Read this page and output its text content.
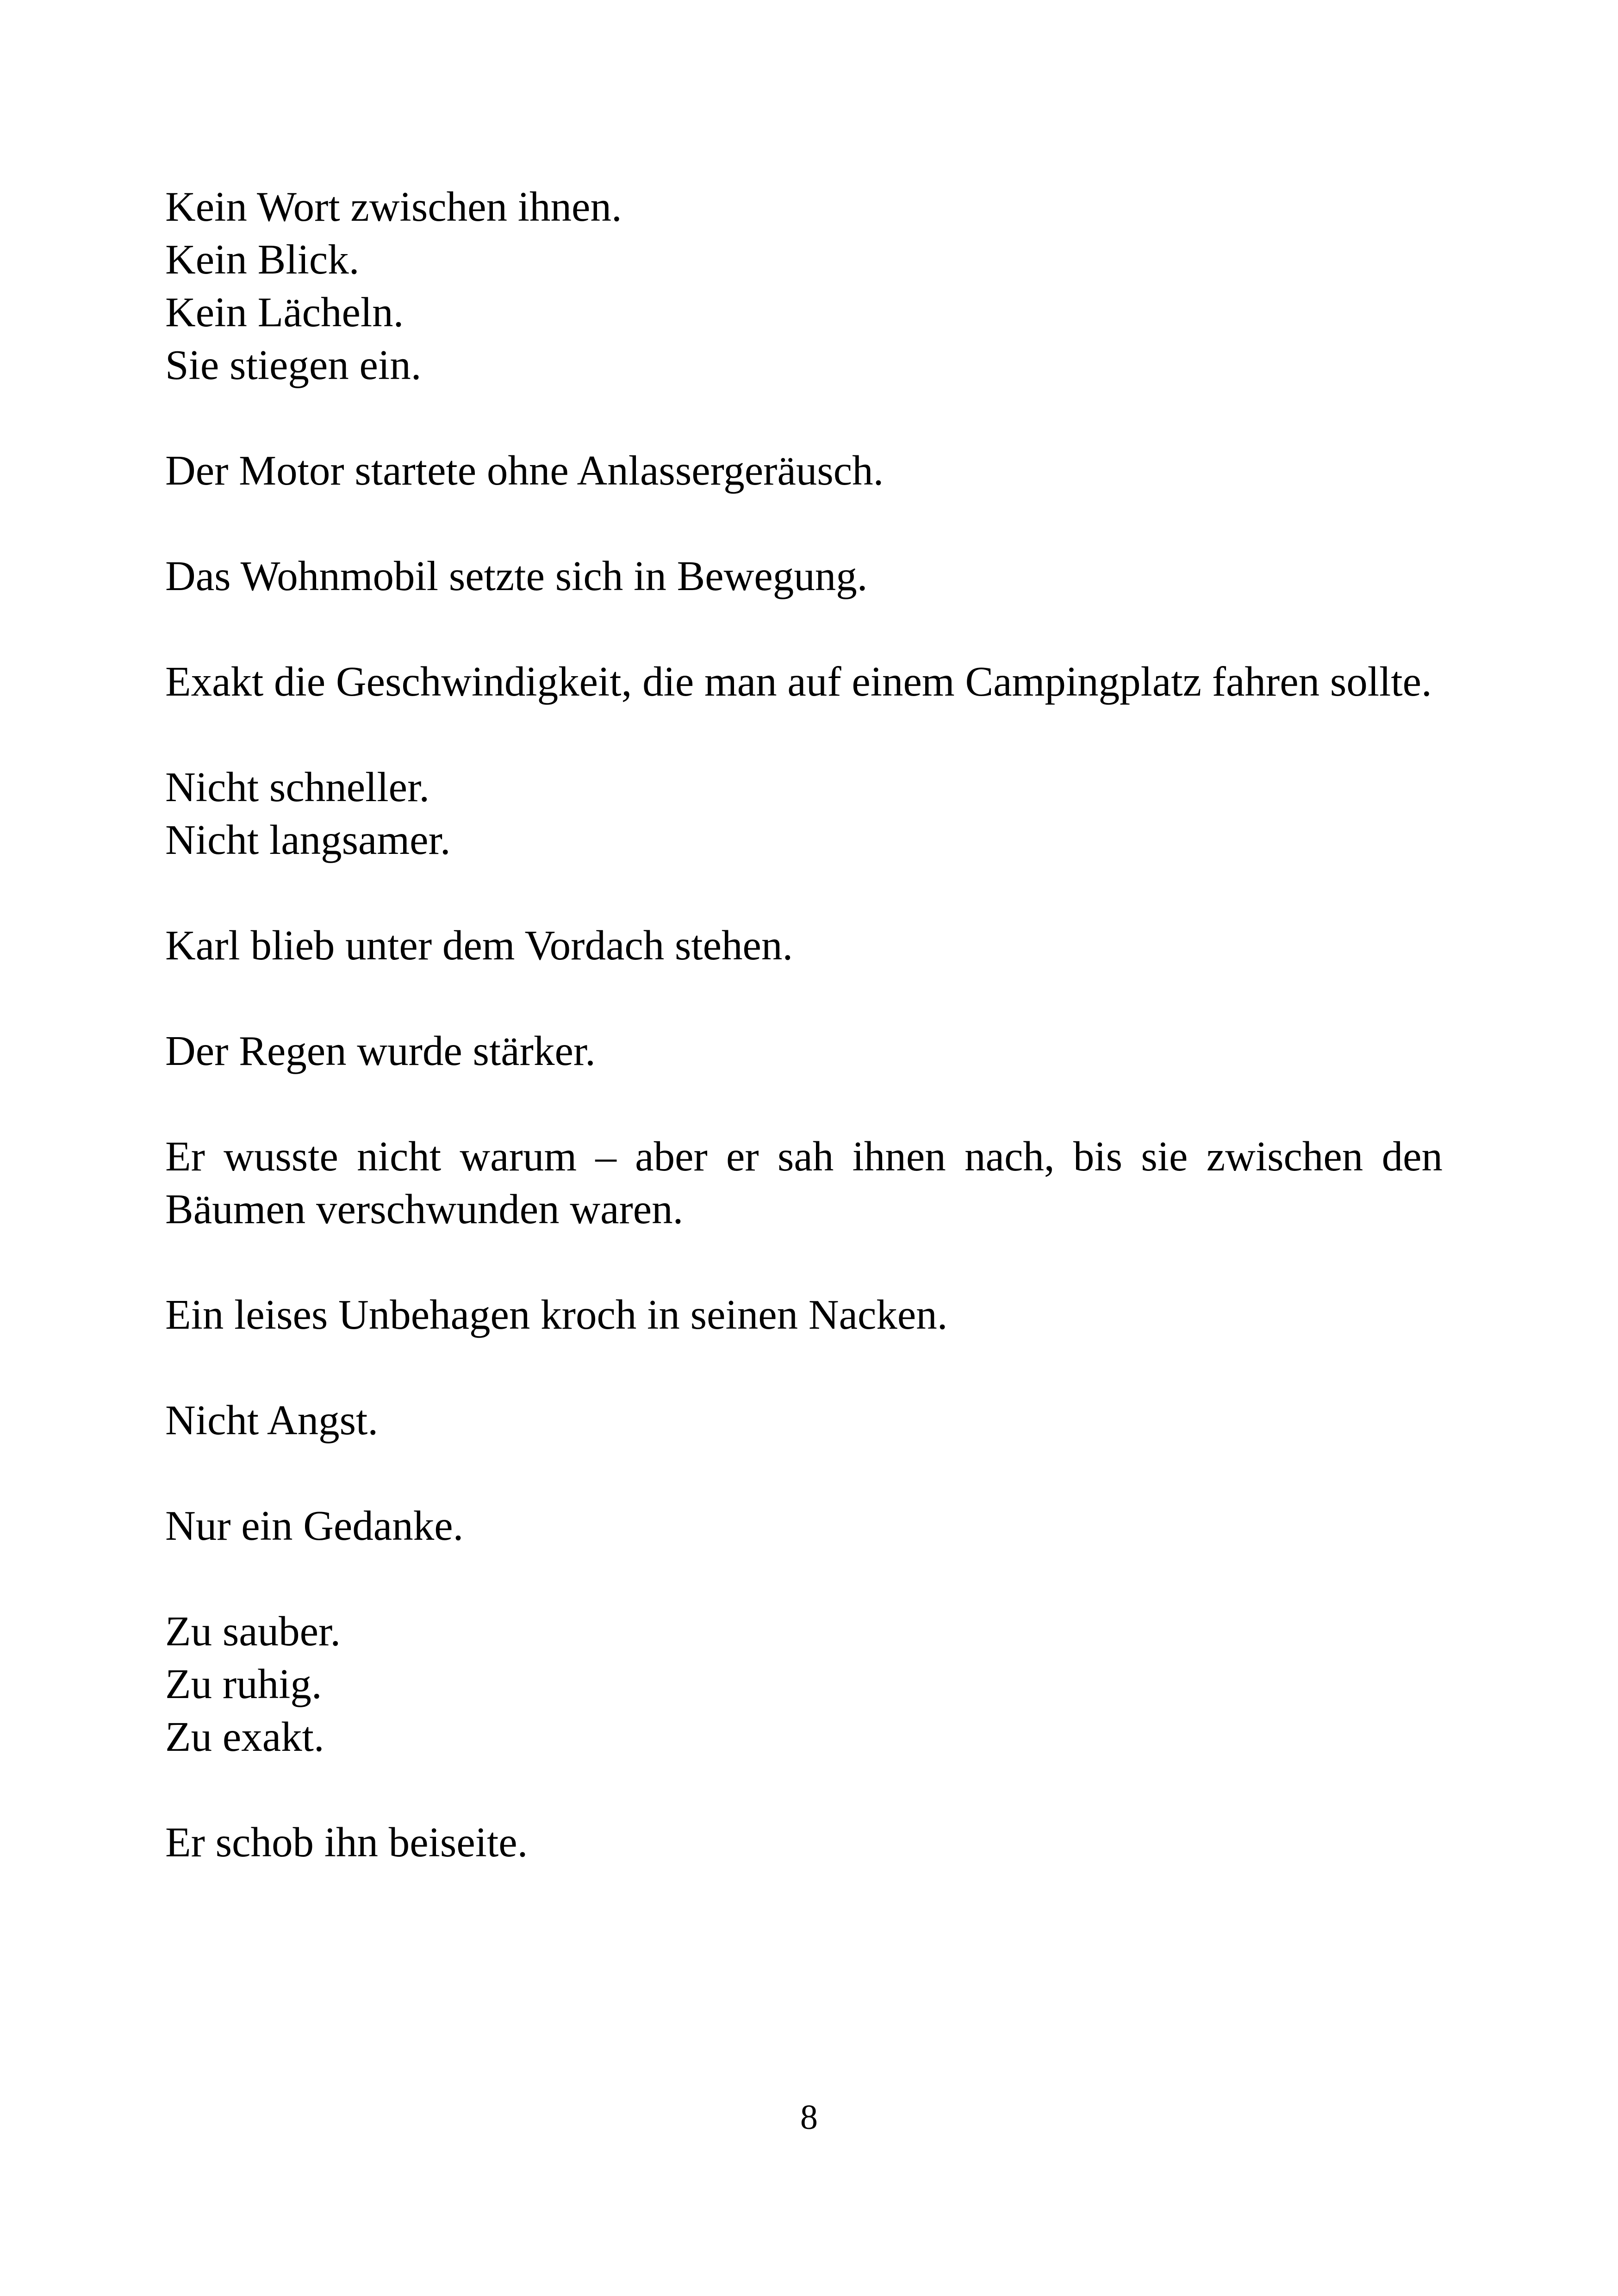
Kein Wort zwischen ihnen.
Kein Blick.
Kein Lächeln.
Sie stiegen ein.

Der Motor startete ohne Anlassergeräusch.

Das Wohnmobil setzte sich in Bewegung.

Exakt die Geschwindigkeit, die man auf einem Campingplatz fahren sollte.

Nicht schneller.
Nicht langsamer.

Karl blieb unter dem Vordach stehen.

Der Regen wurde stärker.

Er wusste nicht warum – aber er sah ihnen nach, bis sie zwischen den Bäumen verschwunden waren.

Ein leises Unbehagen kroch in seinen Nacken.

Nicht Angst.

Nur ein Gedanke.

Zu sauber.
Zu ruhig.
Zu exakt.

Er schob ihn beiseite.

8
